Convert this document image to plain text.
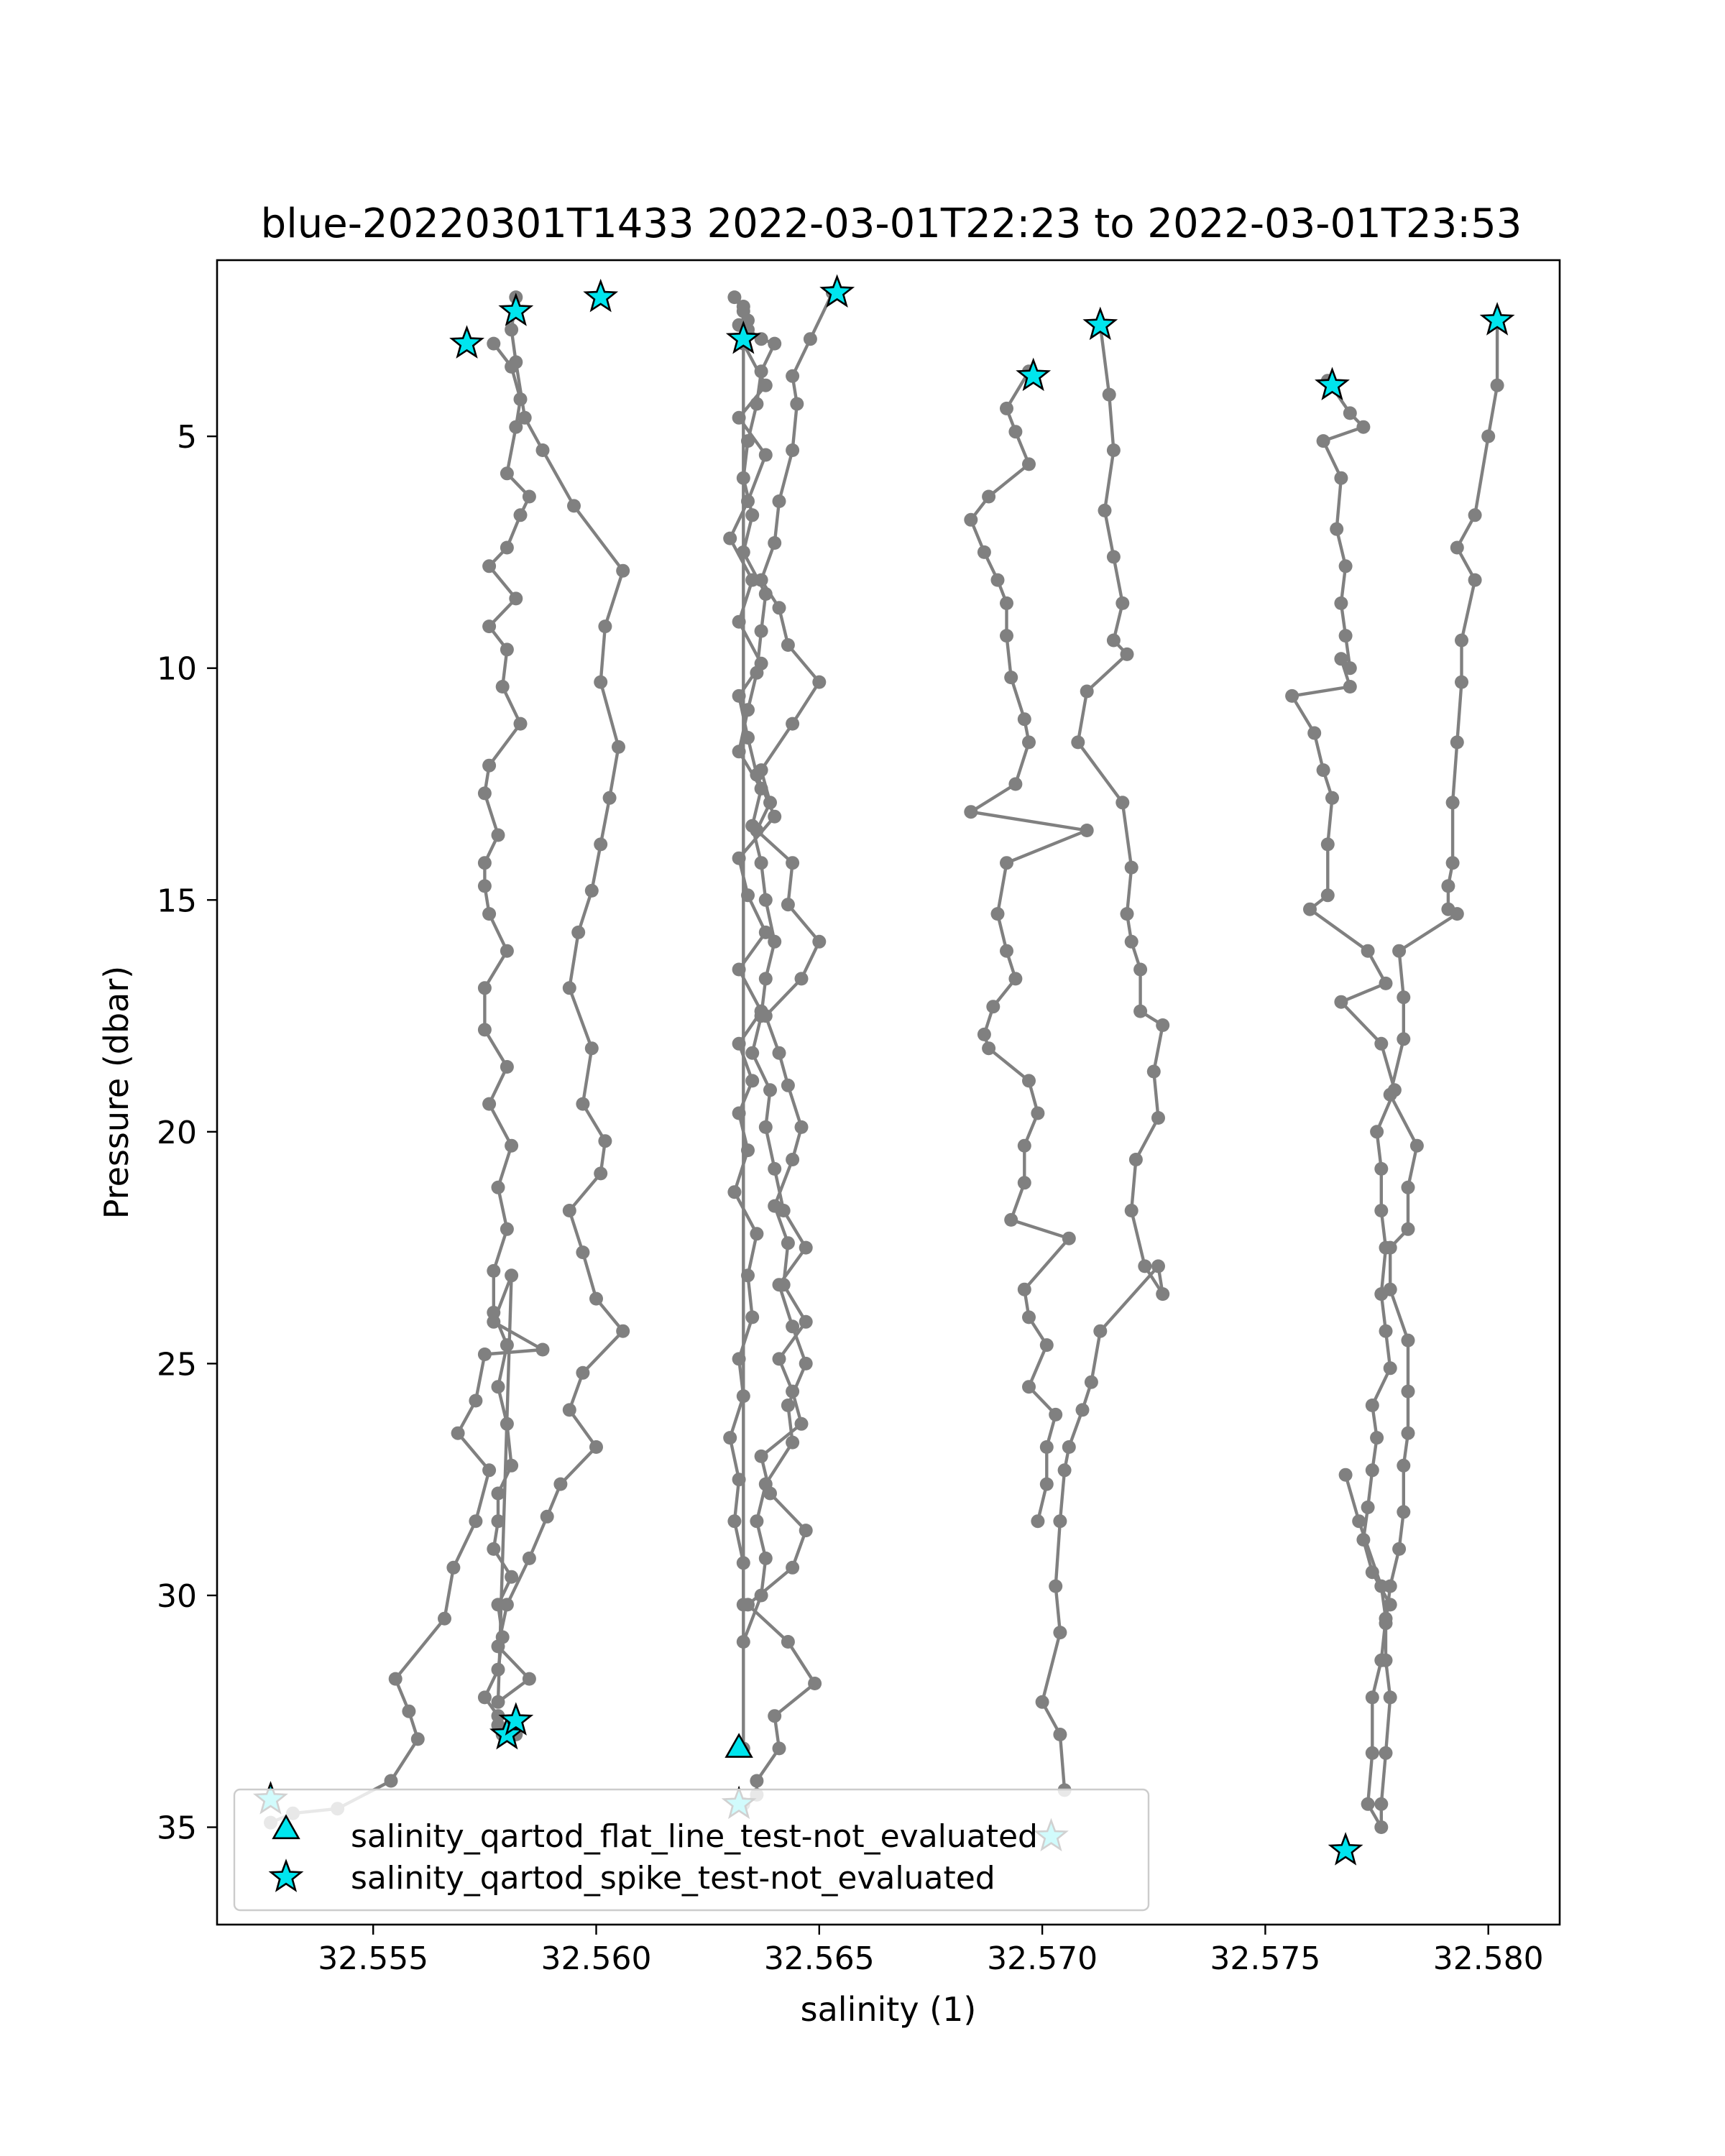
blue-20220301T1433 2022-03-01T22:23 to 2022-03-01T23:53
32.555	32.560	32.565	32.570	32.575	32.580
5
10
15
20
25
30
35
salinity (1)
Pressure (dbar)
salinity_qartod_flat_line_test-not_evaluated
salinity_qartod_spike_test-not_evaluated
